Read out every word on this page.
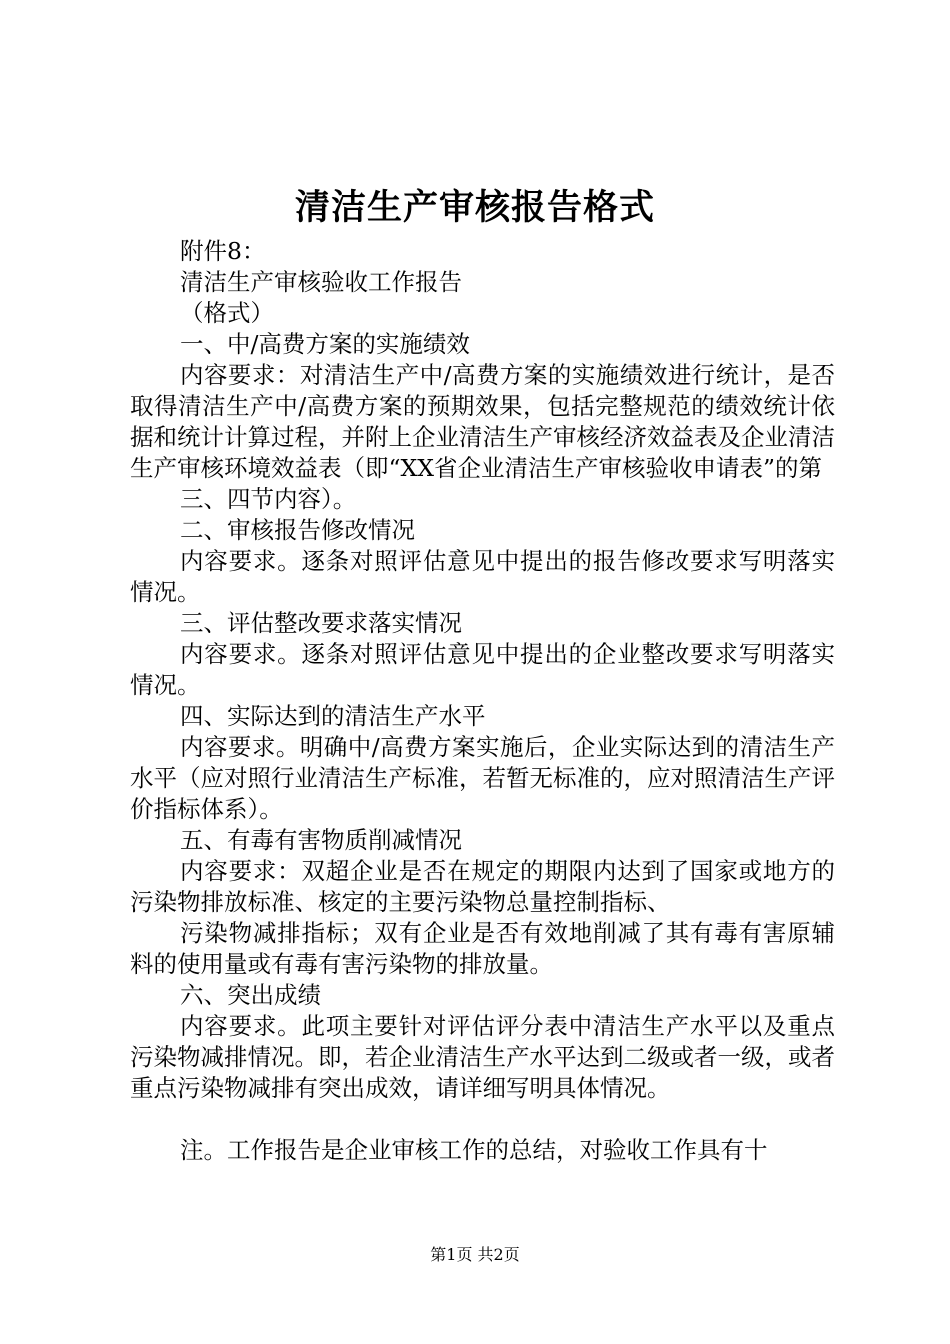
清洁生产审核报告格式

附件8：

清洁生产审核验收工作报告

（格式）

一、中/高费方案的实施绩效

内容要求：对清洁生产中/高费方案的实施绩效进行统计，是否取得清洁生产中/高费方案的预期效果，包括完整规范的绩效统计依据和统计计算过程，并附上企业清洁生产审核经济效益表及企业清洁生产审核环境效益表（即“XX省企业清洁生产审核验收申请表”的第

三、四节内容）。

二、审核报告修改情况

内容要求。逐条对照评估意见中提出的报告修改要求写明落实情况。

三、评估整改要求落实情况

内容要求。逐条对照评估意见中提出的企业整改要求写明落实情况。

四、实际达到的清洁生产水平

内容要求。明确中/高费方案实施后，企业实际达到的清洁生产水平（应对照行业清洁生产标准，若暂无标准的，应对照清洁生产评价指标体系）。

五、有毒有害物质削减情况

内容要求：双超企业是否在规定的期限内达到了国家或地方的污染物排放标准、核定的主要污染物总量控制指标、

污染物减排指标；双有企业是否有效地削减了其有毒有害原辅料的使用量或有毒有害污染物的排放量。

六、突出成绩

内容要求。此项主要针对评估评分表中清洁生产水平以及重点污染物减排情况。即，若企业清洁生产水平达到二级或者一级，或者重点污染物减排有突出成效，请详细写明具体情况。

注。工作报告是企业审核工作的总结，对验收工作具有十

第1页 共2页
